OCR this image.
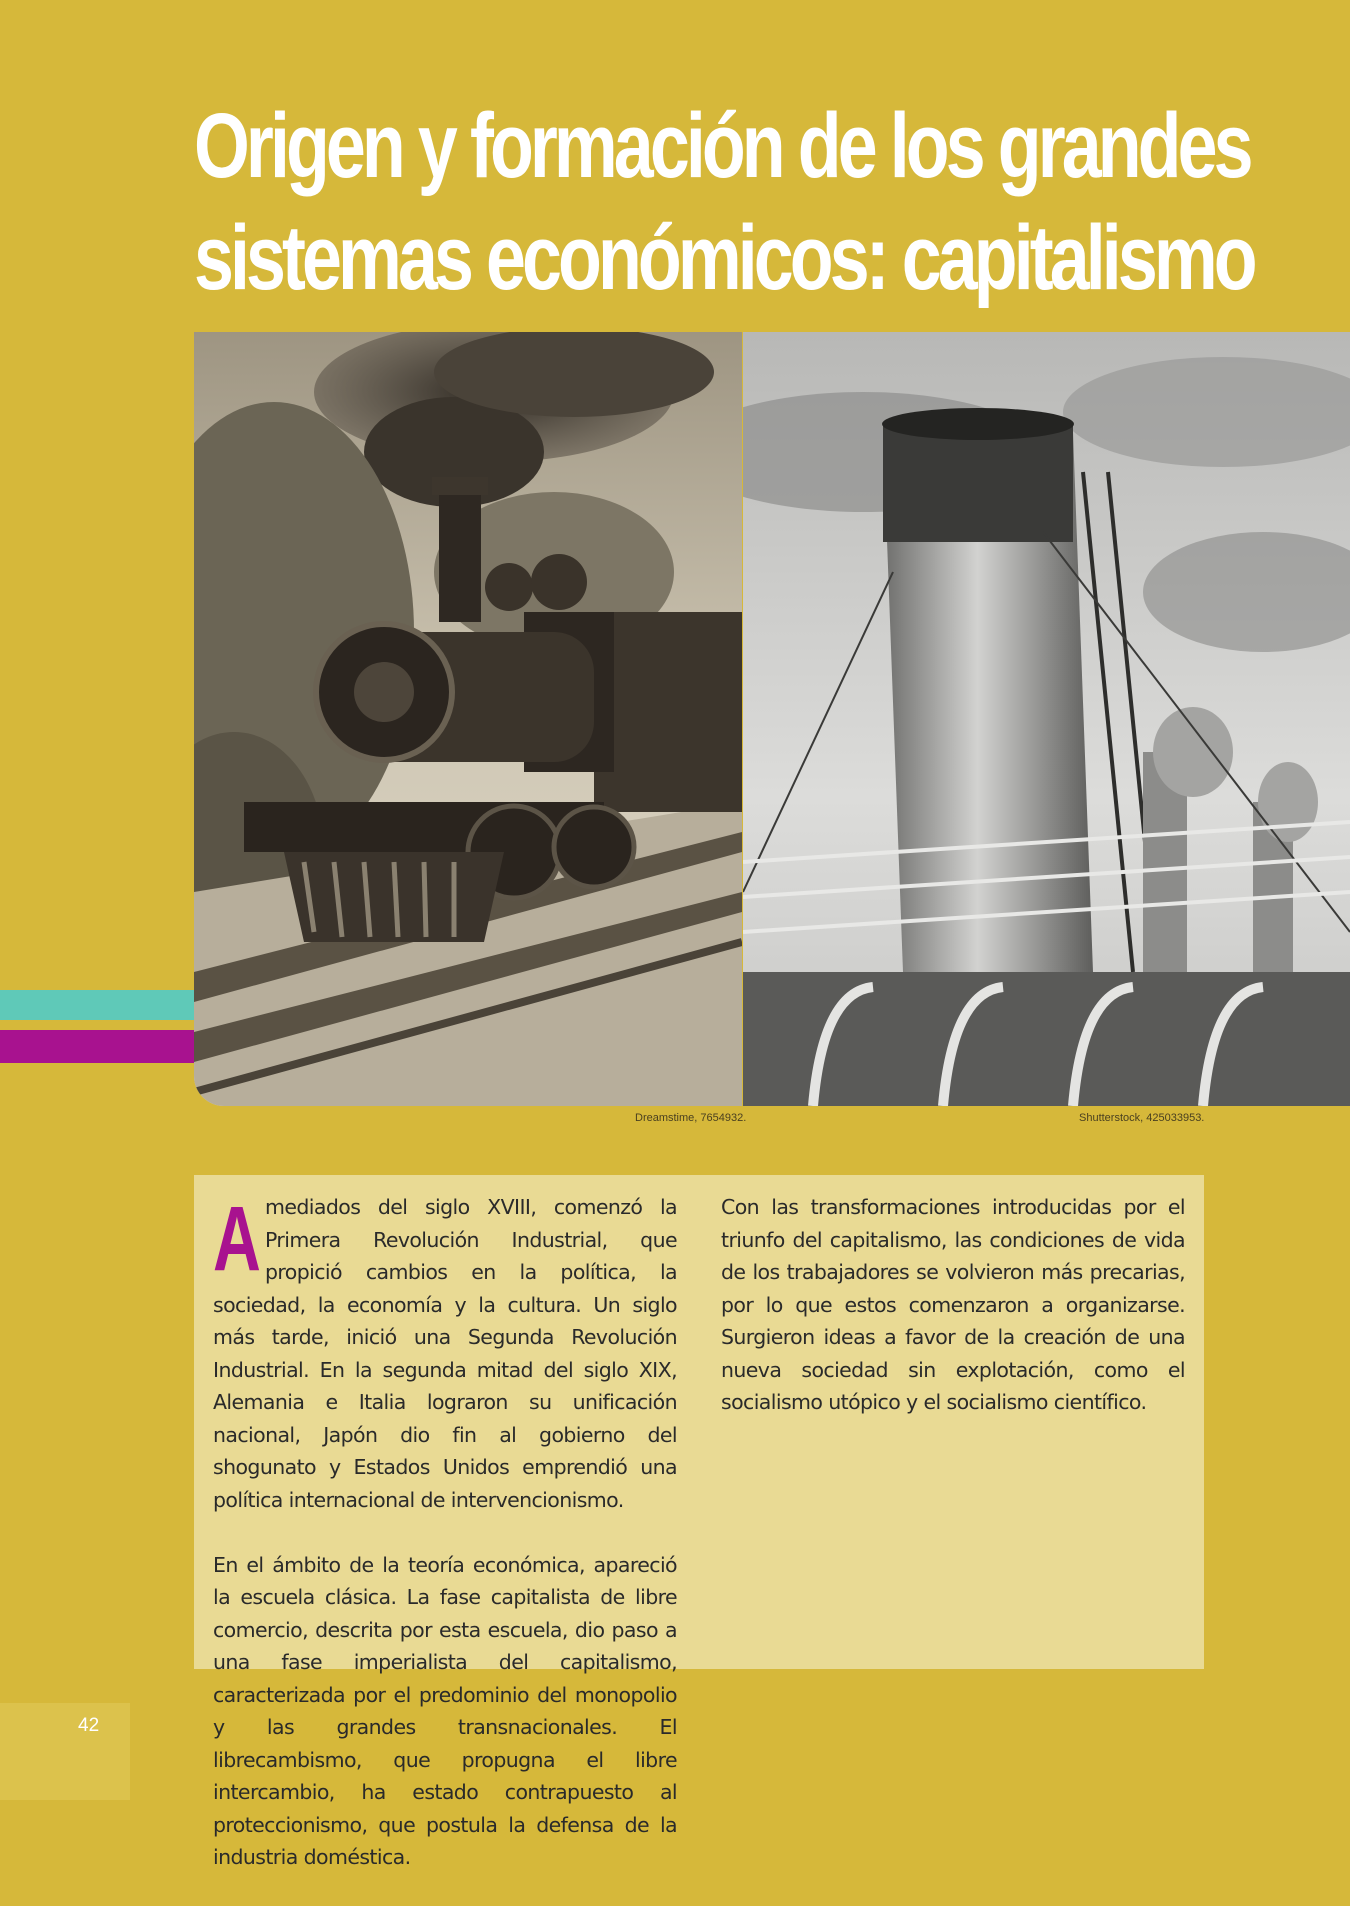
Origen y formación de los grandes sistemas económicos: capitalismo
Dreamstime, 7654932.	Shutterstock, 425033953.

Amediados del siglo XVIII, comenzó la Primera Revolución Industrial, que propició cambios en la política, la sociedad, la economía y la cultura. Un siglo más tarde, inició una Segunda Revolución Industrial. En la segunda mitad del siglo XIX, Alemania e Italia lograron su unificación nacional, Japón dio fin al gobierno del shogunato y Estados Unidos emprendió una política internacional de intervencionismo.

En el ámbito de la teoría económica, apareció la escuela clásica. La fase capitalista de libre comercio, descrita por esta escuela, dio paso a una fase imperialista del capitalismo, caracterizada por el predominio del monopolio y las grandes transnacionales. El librecambismo, que propugna el libre intercambio, ha estado contrapuesto al proteccionismo, que postula la defensa de la industria doméstica.

Con las transformaciones introducidas por el triunfo del capitalismo, las condiciones de vida de los trabajadores se volvieron más precarias, por lo que estos comenzaron a organizarse. Surgieron ideas a favor de la creación de una nueva sociedad sin explotación, como el socialismo utópico y el socialismo científico.

42
